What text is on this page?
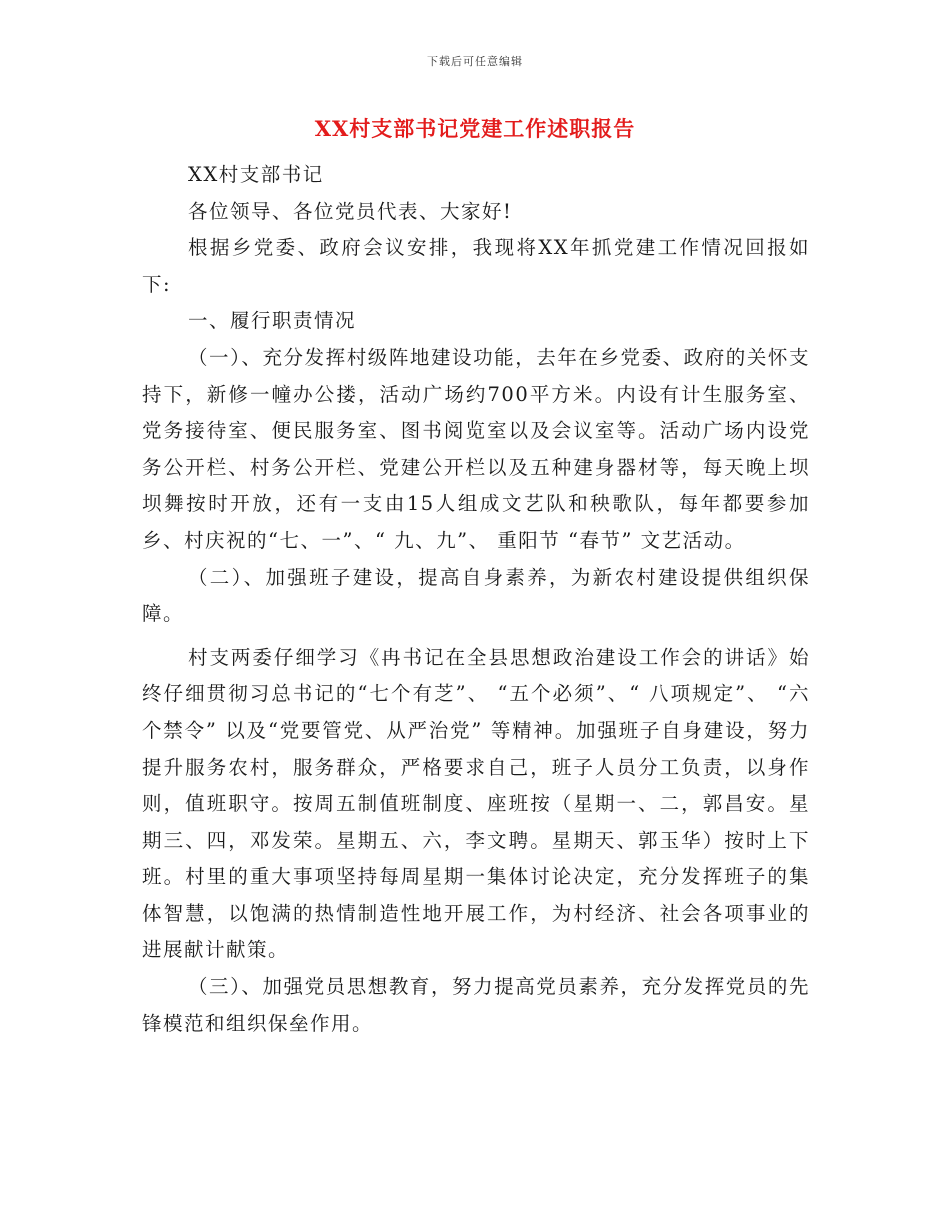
下载后可任意编辑
XX村支部书记党建工作述职报告

XX村支部书记

各位领导、各位党员代表、大家好!

根据乡党委、政府会议安排，我现将XX年抓党建工作情况回报如下:

一、履行职责情况

（一）、充分发挥村级阵地建设功能，去年在乡党委、政府的关怀支持下，新修一幢办公搂，活动广场约700平方米。内设有计生服务室、党务接待室、便民服务室、图书阅览室以及会议室等。活动广场内设党务公开栏、村务公开栏、党建公开栏以及五种建身器材等，每天晚上坝坝舞按时开放，还有一支由15人组成文艺队和秧歌队，每年都要参加乡、村庆祝的“七、一”、“ 九、九”、 重阳节 “春节” 文艺活动。

（二）、加强班子建设，提高自身素养，为新农村建设提供组织保障。

村支两委仔细学习《冉书记在全县思想政治建设工作会的讲话》始终仔细贯彻习总书记的“七个有芝”、 “五个必须”、“ 八项规定”、 “六个禁令” 以及“党要管党、从严治党” 等精神。加强班子自身建设，努力提升服务农村，服务群众，严格要求自己，班子人员分工负责，以身作则，值班职守。按周五制值班制度、座班按（星期一、二，郭昌安。星期三、四，邓发荣。星期五、六，李文聘。星期天、郭玉华）按时上下班。村里的重大事项坚持每周星期一集体讨论决定，充分发挥班子的集体智慧，以饱满的热情制造性地开展工作，为村经济、社会各项事业的进展献计献策。

（三）、加强党员思想教育，努力提高党员素养，充分发挥党员的先锋模范和组织保垒作用。
